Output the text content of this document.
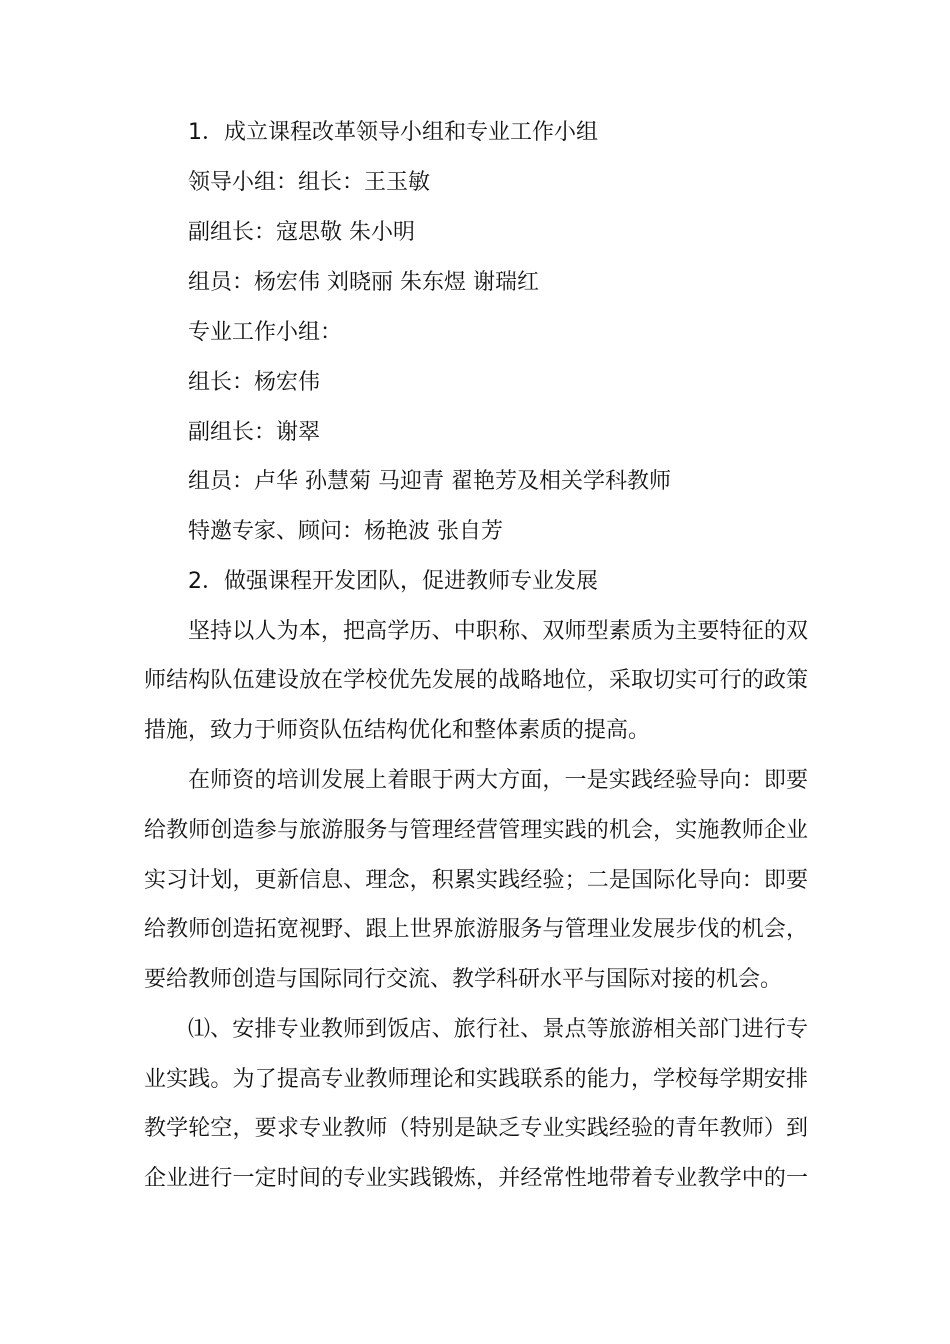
1．成立课程改革领导小组和专业工作小组
领导小组：组长：王玉敏
副组长：寇思敬 朱小明
组员：杨宏伟 刘晓丽 朱东煜 谢瑞红
专业工作小组：
组长：杨宏伟
副组长：谢翠
组员：卢华 孙慧菊 马迎青 翟艳芳及相关学科教师
特邀专家、顾问：杨艳波 张自芳
2．做强课程开发团队，促进教师专业发展
坚持以人为本，把高学历、中职称、双师型素质为主要特征的双
师结构队伍建设放在学校优先发展的战略地位，采取切实可行的政策
措施，致力于师资队伍结构优化和整体素质的提高。
在师资的培训发展上着眼于两大方面，一是实践经验导向：即要
给教师创造参与旅游服务与管理经营管理实践的机会，实施教师企业
实习计划，更新信息、理念，积累实践经验；二是国际化导向：即要
给教师创造拓宽视野、跟上世界旅游服务与管理业发展步伐的机会，
要给教师创造与国际同行交流、教学科研水平与国际对接的机会。
⑴、安排专业教师到饭店、旅行社、景点等旅游相关部门进行专
业实践。为了提高专业教师理论和实践联系的能力，学校每学期安排
教学轮空，要求专业教师（特别是缺乏专业实践经验的青年教师）到
企业进行一定时间的专业实践锻炼，并经常性地带着专业教学中的一
